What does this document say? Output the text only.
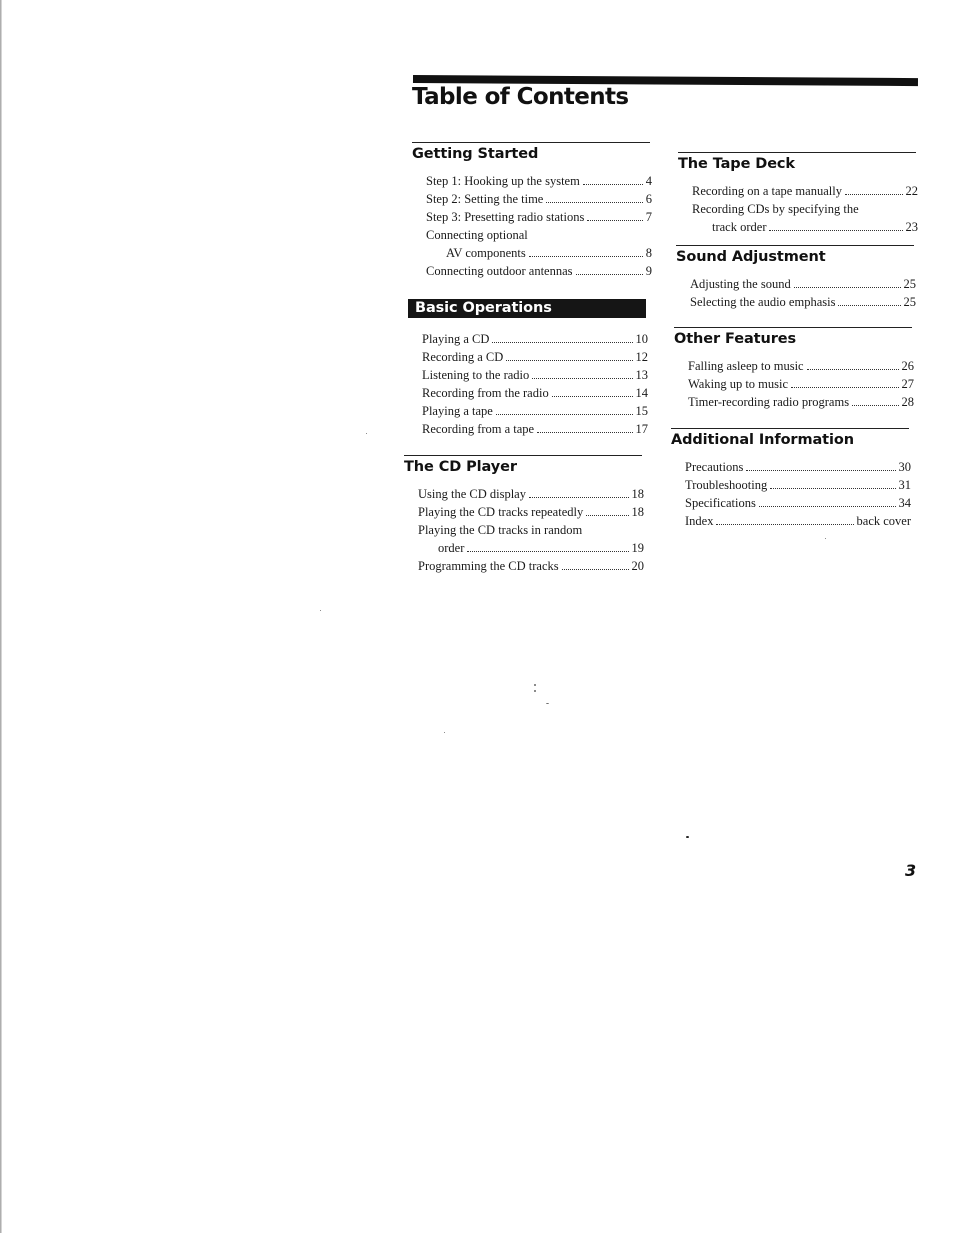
Table of Contents
Getting Started
Step 1: Hooking up the system	4
Step 2: Setting the time	6
Step 3: Presetting radio stations	7
Connecting optional
AV components	8
Connecting outdoor antennas	9
Basic Operations
Playing a CD	10
Recording a CD	12
Listening to the radio	13
Recording from the radio	14
Playing a tape	15
Recording from a tape	17
The CD Player
Using the CD display	18
Playing the CD tracks repeatedly	18
Playing the CD tracks in random
order	19
Programming the CD tracks	20
The Tape Deck
Recording on a tape manually	22
Recording CDs by specifying the
track order	23
Sound Adjustment
Adjusting the sound	25
Selecting the audio emphasis	25
Other Features
Falling asleep to music	26
Waking up to music	27
Timer-recording radio programs	28
Additional Information
Precautions	30
Troubleshooting	31
Specifications	34
Index	back cover
3
